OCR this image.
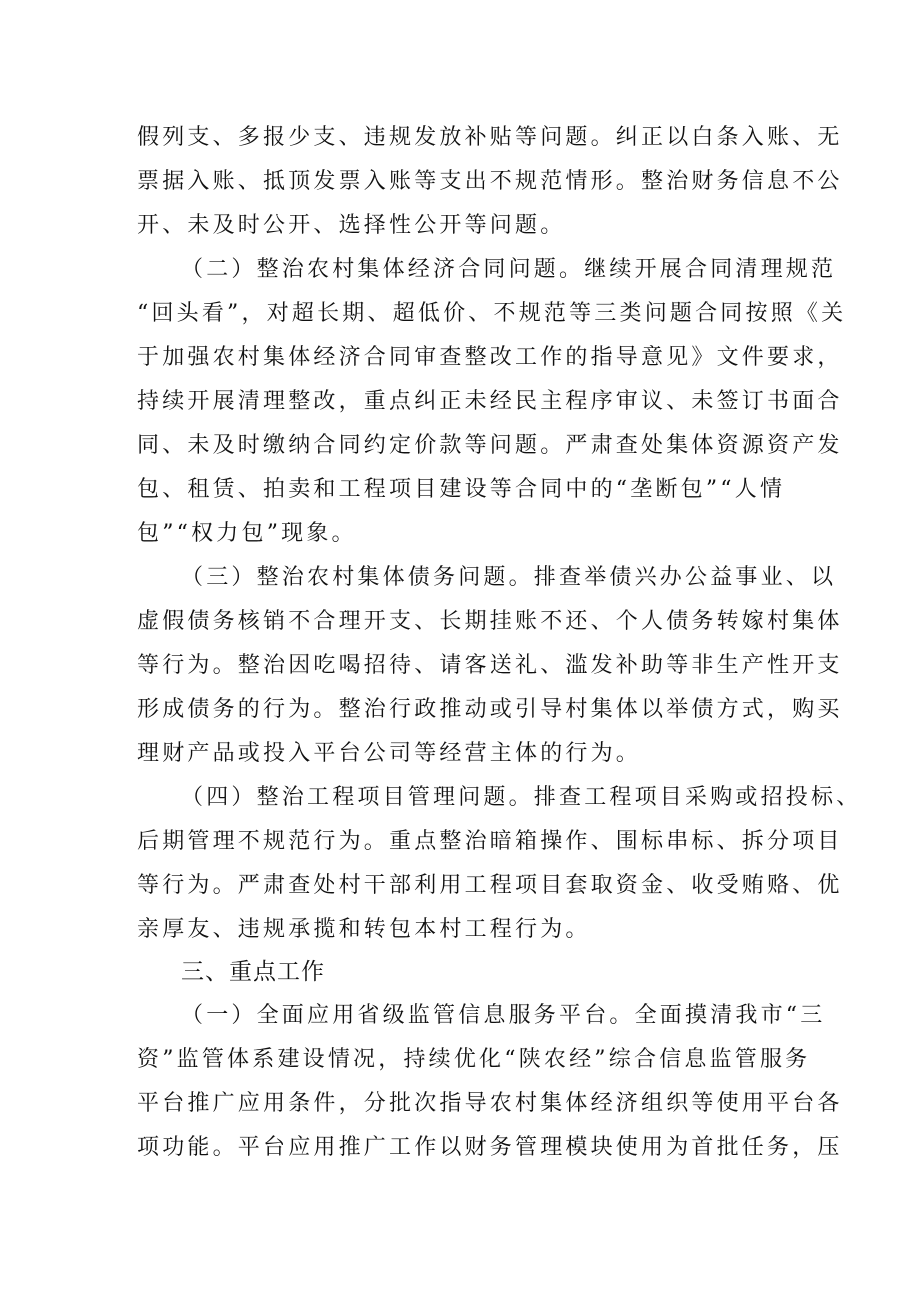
假列支、多报少支、违规发放补贴等问题。纠正以白条入账、无

票据入账、抵顶发票入账等支出不规范情形。整治财务信息不公

开、未及时公开、选择性公开等问题。

（二）整治农村集体经济合同问题。继续开展合同清理规范

“回头看”，对超长期、超低价、不规范等三类问题合同按照《关

于加强农村集体经济合同审查整改工作的指导意见》文件要求，

持续开展清理整改，重点纠正未经民主程序审议、未签订书面合

同、未及时缴纳合同约定价款等问题。严肃查处集体资源资产发

包、租赁、拍卖和工程项目建设等合同中的“垄断包”“人情

包”“权力包”现象。

（三）整治农村集体债务问题。排查举债兴办公益事业、以

虚假债务核销不合理开支、长期挂账不还、个人债务转嫁村集体

等行为。整治因吃喝招待、请客送礼、滥发补助等非生产性开支

形成债务的行为。整治行政推动或引导村集体以举债方式，购买

理财产品或投入平台公司等经营主体的行为。

（四）整治工程项目管理问题。排查工程项目采购或招投标、

后期管理不规范行为。重点整治暗箱操作、围标串标、拆分项目

等行为。严肃查处村干部利用工程项目套取资金、收受贿赂、优

亲厚友、违规承揽和转包本村工程行为。

三、重点工作

（一）全面应用省级监管信息服务平台。全面摸清我市“三

资”监管体系建设情况，持续优化“陕农经”综合信息监管服务

平台推广应用条件，分批次指导农村集体经济组织等使用平台各

项功能。平台应用推广工作以财务管理模块使用为首批任务，压
